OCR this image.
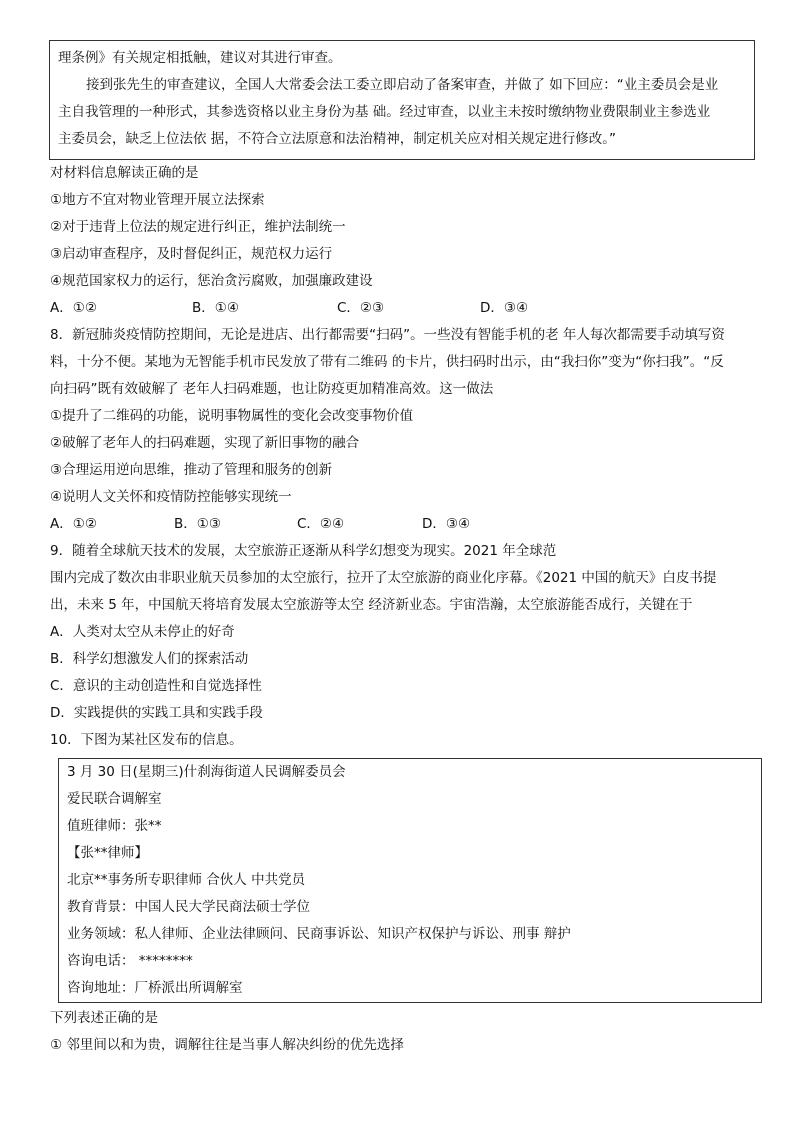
理条例》有关规定相抵触，建议对其进行审查。
接到张先生的审查建议，全国人大常委会法工委立即启动了备案审查，并做了 如下回应：“业主委员会是业
主自我管理的一种形式，其参选资格以业主身份为基 础。经过审查，以业主未按时缴纳物业费限制业主参选业
主委员会，缺乏上位法依 据，不符合立法原意和法治精神，制定机关应对相关规定进行修改。”
对材料信息解读正确的是
①地方不宜对物业管理开展立法探索
②对于违背上位法的规定进行纠正，维护法制统一
③启动审查程序，及时督促纠正，规范权力运行
④规范国家权力的运行，惩治贪污腐败，加强廉政建设
A．①②	B．①④	C．②③	D．③④
8．新冠肺炎疫情防控期间，无论是进店、出行都需要“扫码”。一些没有智能手机的老 年人每次都需要手动填写资
料，十分不便。某地为无智能手机市民发放了带有二维码 的卡片，供扫码时出示，由“我扫你”变为“你扫我”。“反
向扫码”既有效破解了 老年人扫码难题，也让防疫更加精准高效。这一做法
①提升了二维码的功能，说明事物属性的变化会改变事物价值
②破解了老年人的扫码难题，实现了新旧事物的融合
③合理运用逆向思维，推动了管理和服务的创新
④说明人文关怀和疫情防控能够实现统一
A．①②	B．①③	C．②④	D．③④
9．随着全球航天技术的发展，太空旅游正逐渐从科学幻想变为现实。2021 年全球范
围内完成了数次由非职业航天员参加的太空旅行，拉开了太空旅游的商业化序幕。《2021 中国的航天》白皮书提
出，未来 5 年，中国航天将培育发展太空旅游等太空 经济新业态。宇宙浩瀚，太空旅游能否成行，关键在于
A．人类对太空从未停止的好奇
B．科学幻想激发人们的探索活动
C．意识的主动创造性和自觉选择性
D．实践提供的实践工具和实践手段
10．下图为某社区发布的信息。
3 月 30 日(星期三)什刹海街道人民调解委员会
爱民联合调解室
值班律师：张**
【张**律师】
北京**事务所专职律师 合伙人 中共党员
教育背景：中国人民大学民商法硕士学位
业务领域：私人律师、企业法律顾问、民商事诉讼、知识产权保护与诉讼、刑事 辩护
咨询电话： ********
咨询地址：厂桥派出所调解室
下列表述正确的是
① 邻里间以和为贵，调解往往是当事人解决纠纷的优先选择
